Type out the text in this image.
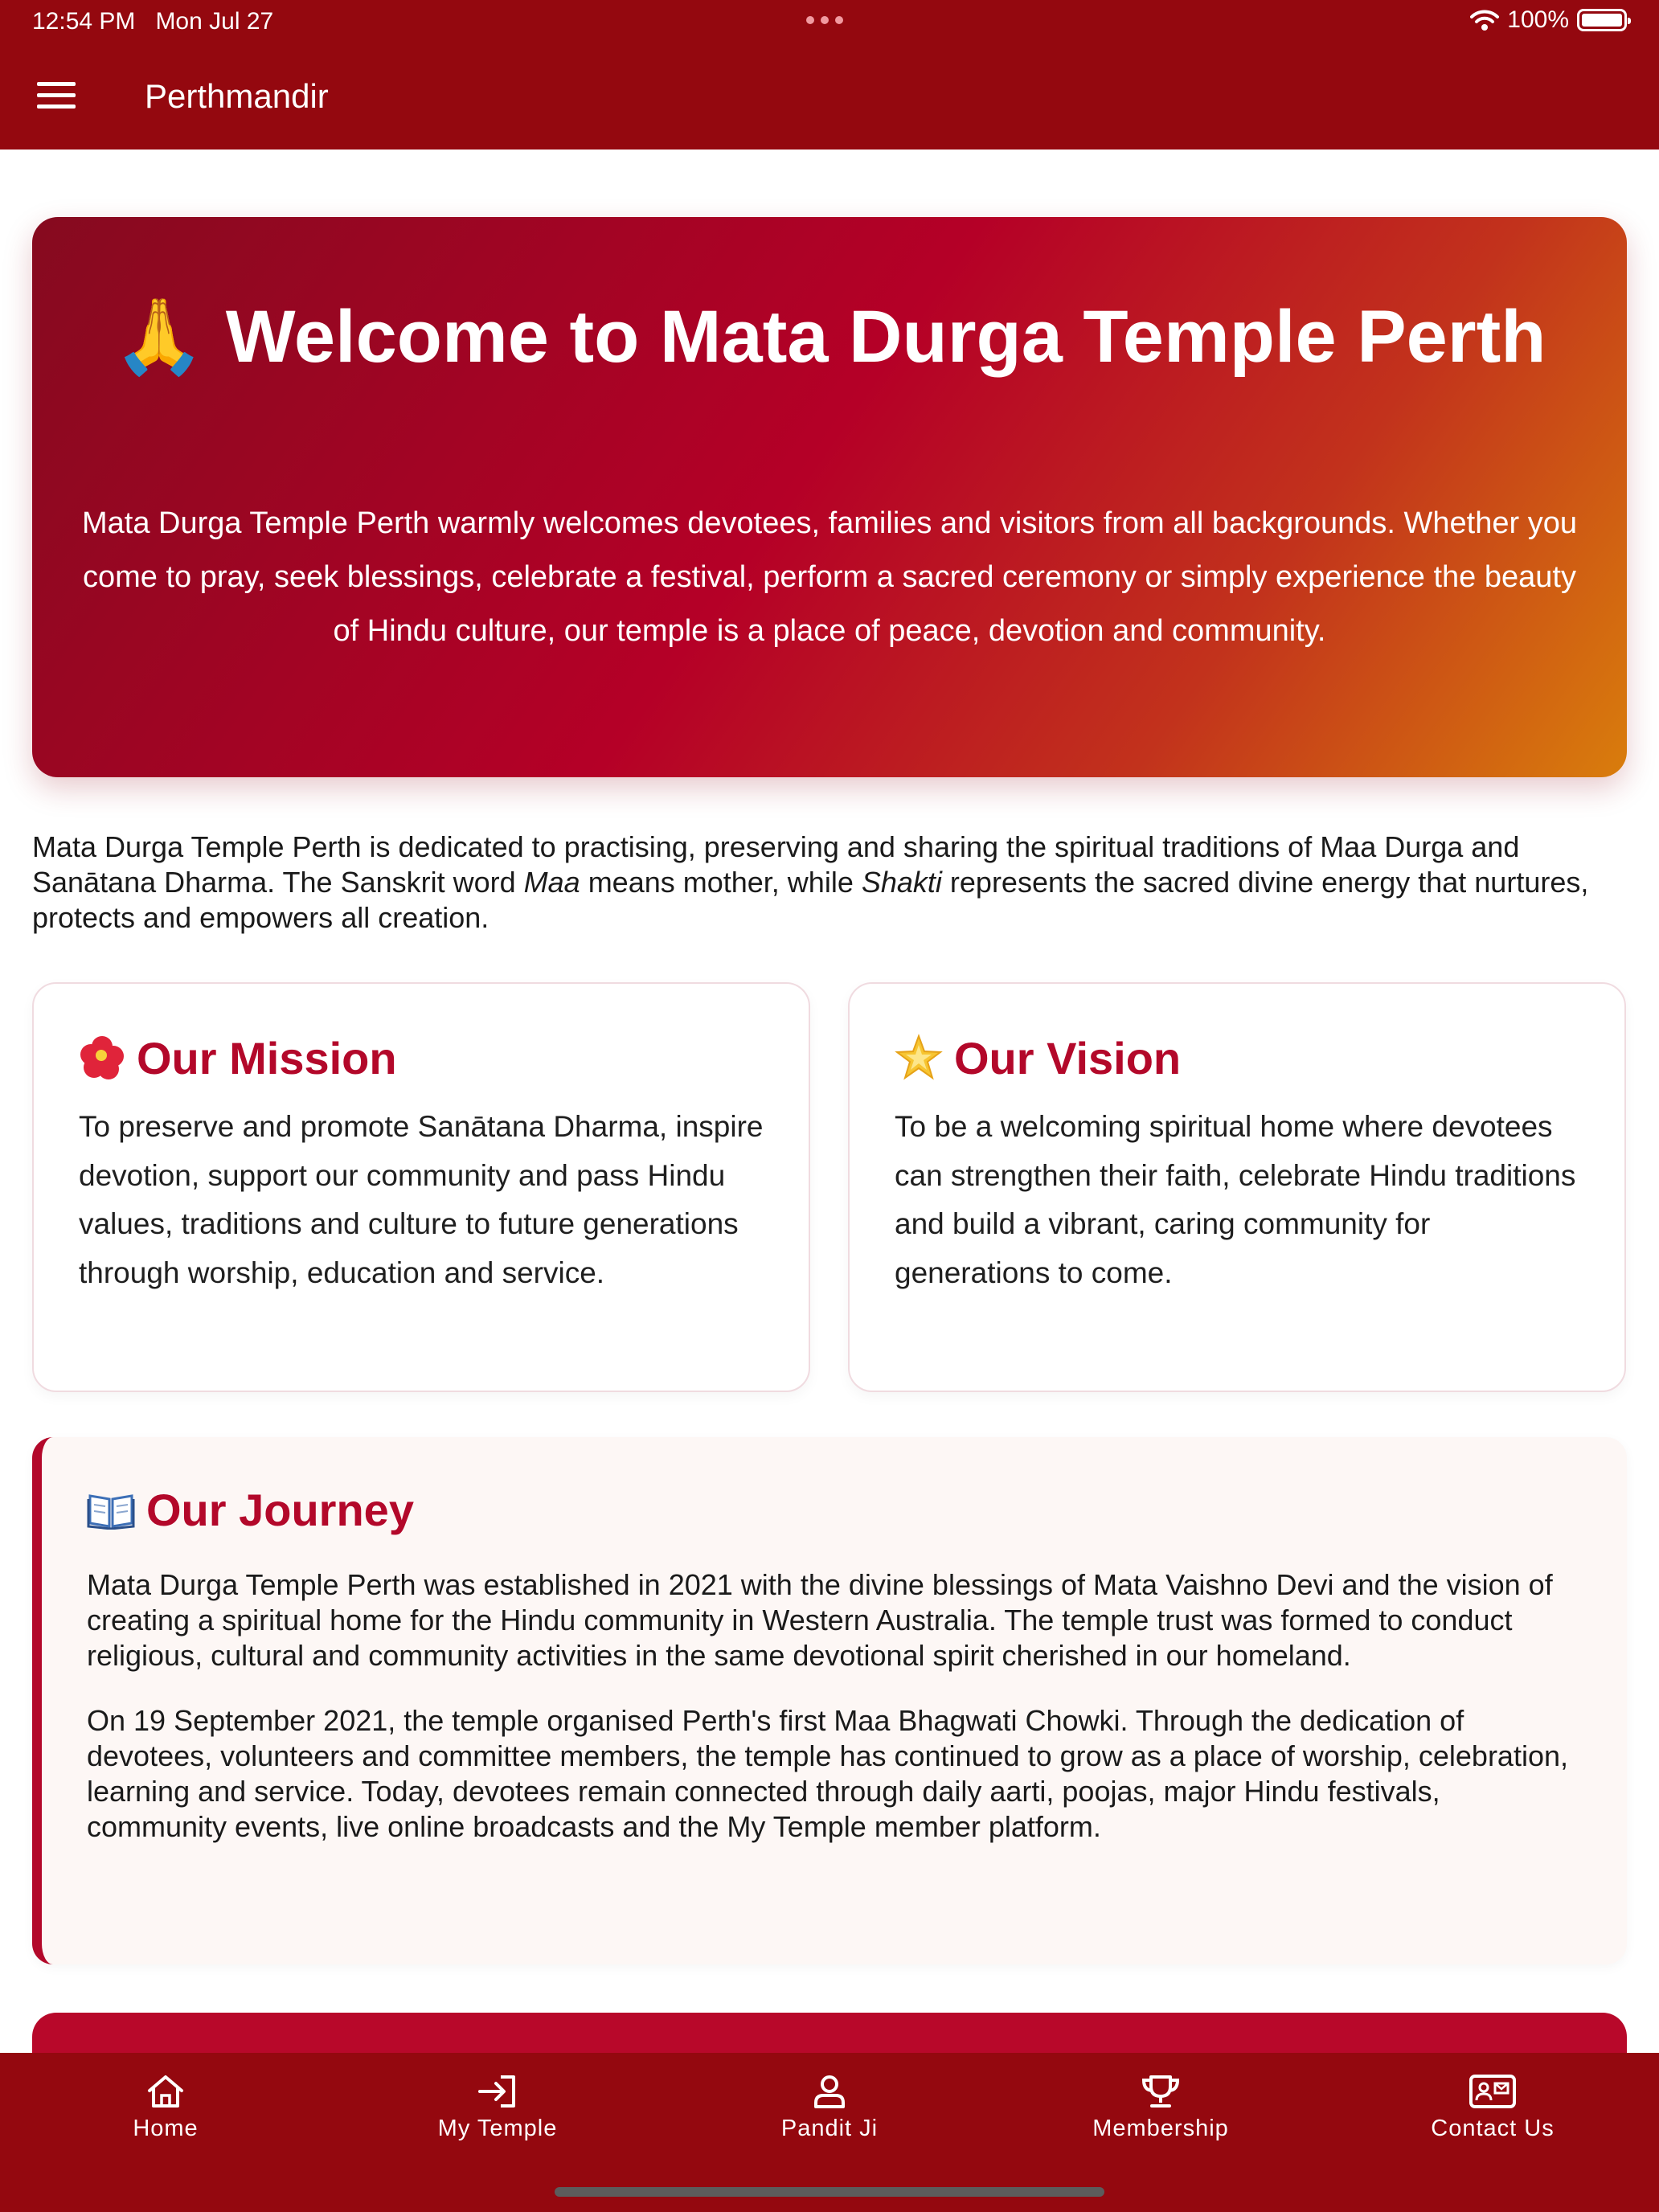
12:54 PM Mon Jul 27	100%
Perthmandir
🙏 Welcome to Mata Durga Temple Perth
Mata Durga Temple Perth warmly welcomes devotees, families and visitors from all backgrounds. Whether you come to pray, seek blessings, celebrate a festival, perform a sacred ceremony or simply experience the beauty of Hindu culture, our temple is a place of peace, devotion and community.

Mata Durga Temple Perth is dedicated to practising, preserving and sharing the spiritual traditions of Maa Durga and Sanātana Dharma. The Sanskrit word Maa means mother, while Shakti represents the sacred divine energy that nurtures, protects and empowers all creation.

Our Mission

To preserve and promote Sanātana Dharma, inspire devotion, support our community and pass Hindu values, traditions and culture to future generations through worship, education and service.

Our Vision

To be a welcoming spiritual home where devotees can strengthen their faith, celebrate Hindu traditions and build a vibrant, caring community for generations to come.

Our Journey

Mata Durga Temple Perth was established in 2021 with the divine blessings of Mata Vaishno Devi and the vision of creating a spiritual home for the Hindu community in Western Australia. The temple trust was formed to conduct religious, cultural and community activities in the same devotional spirit cherished in our homeland.

On 19 September 2021, the temple organised Perth's first Maa Bhagwati Chowki. Through the dedication of devotees, volunteers and committee members, the temple has continued to grow as a place of worship, celebration, learning and service. Today, devotees remain connected through daily aarti, poojas, major Hindu festivals, community events, live online broadcasts and the My Temple member platform.

Home	My Temple	Pandit Ji	Membership	Contact Us
